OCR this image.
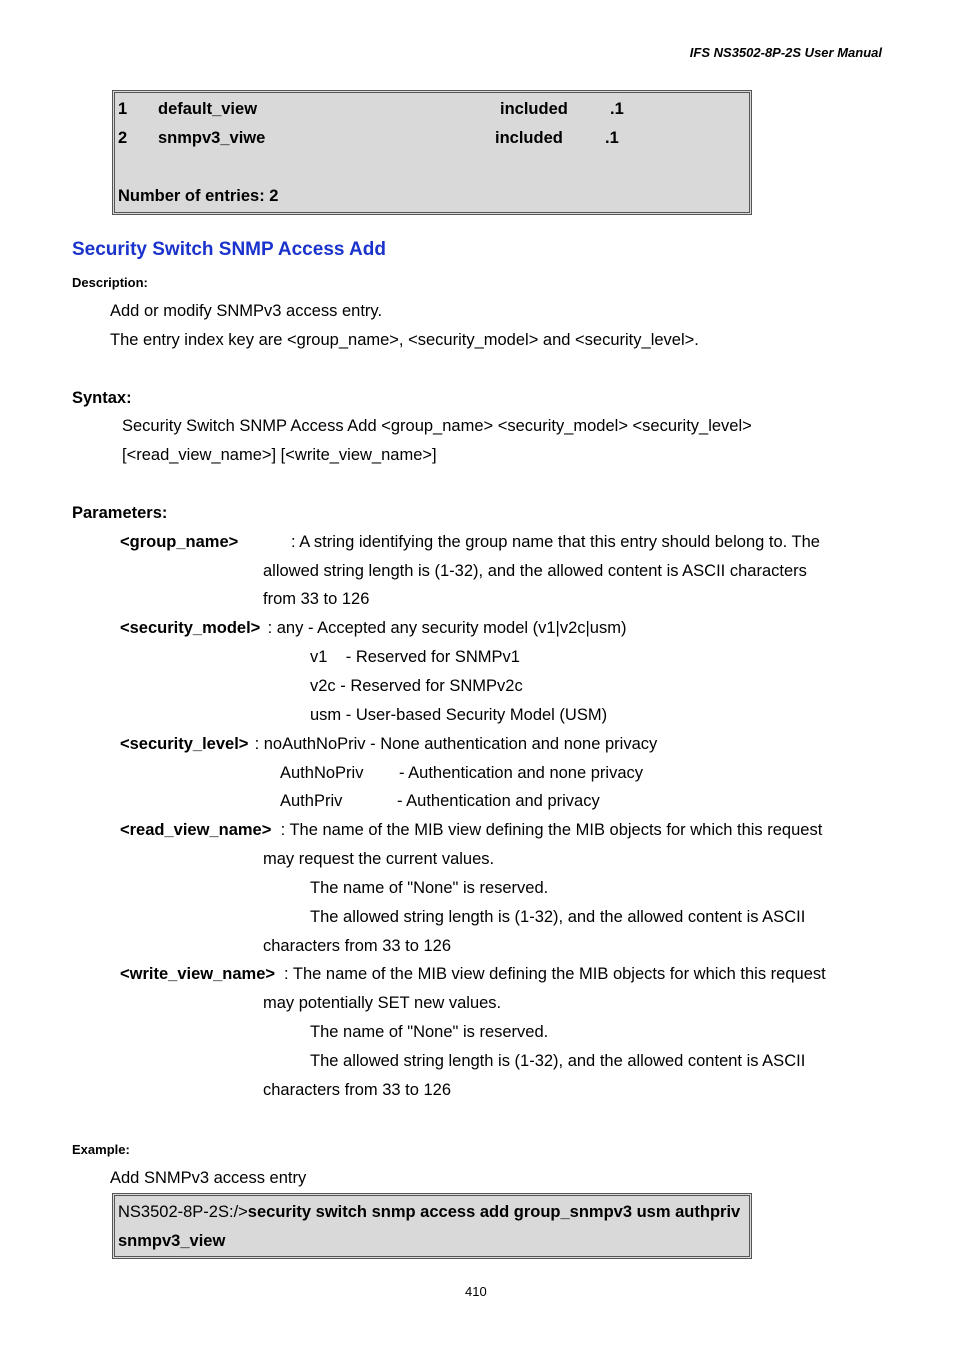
IFS NS3502-8P-2S User Manual
1 default_view	included	.1
2 snmpv3_viwe	included	.1
Number of entries: 2
Security Switch SNMP Access Add
Description:
Add or modify SNMPv3 access entry.
The entry index key are <group_name>, <security_model> and <security_level>.
Syntax:
Security Switch SNMP Access Add <group_name> <security_model> <security_level>
[<read_view_name>] [<write_view_name>]
Parameters:
<group_name>	: A string identifying the group name that this entry should belong to. The
allowed string length is (1-32), and the allowed content is ASCII characters
from 33 to 126
<security_model> : any - Accepted any security model (v1|v2c|usm)
v1    - Reserved for SNMPv1
v2c - Reserved for SNMPv2c
usm - User-based Security Model (USM)
<security_level> : noAuthNoPriv - None authentication and none privacy
AuthNoPriv - Authentication and none privacy
AuthPriv	- Authentication and privacy
<read_view_name> : The name of the MIB view defining the MIB objects for which this request
may request the current values.
The name of "None" is reserved.
The allowed string length is (1-32), and the allowed content is ASCII
characters from 33 to 126
<write_view_name> : The name of the MIB view defining the MIB objects for which this request
may potentially SET new values.
The name of "None" is reserved.
The allowed string length is (1-32), and the allowed content is ASCII
characters from 33 to 126
Example:
Add SNMPv3 access entry
NS3502-8P-2S:/>security switch snmp access add group_snmpv3 usm authpriv
snmpv3_view
410
